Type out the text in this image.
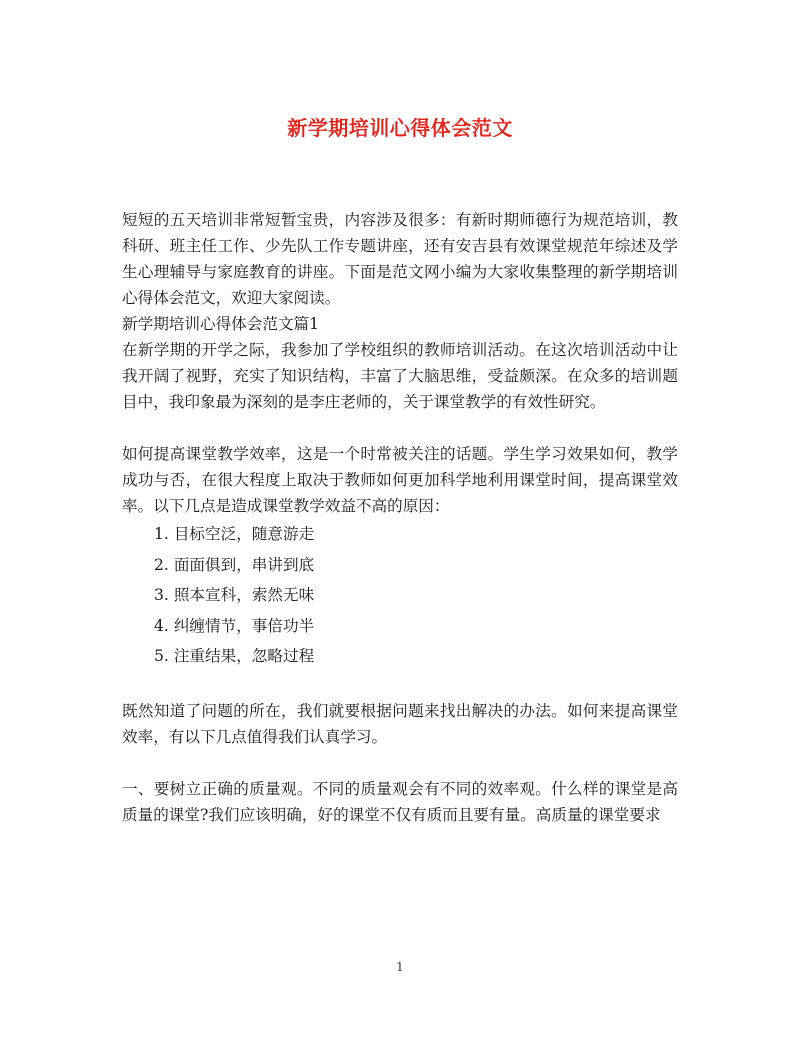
新学期培训心得体会范文

短短的五天培训非常短暂宝贵，内容涉及很多：有新时期师德行为规范培训，教科研、班主任工作、少先队工作专题讲座，还有安吉县有效课堂规范年综述及学生心理辅导与家庭教育的讲座。下面是范文网小编为大家收集整理的新学期培训心得体会范文，欢迎大家阅读。

新学期培训心得体会范文篇1

在新学期的开学之际，我参加了学校组织的教师培训活动。在这次培训活动中让我开阔了视野，充实了知识结构，丰富了大脑思维，受益颇深。在众多的培训题目中，我印象最为深刻的是李庄老师的，关于课堂教学的有效性研究。

如何提高课堂教学效率，这是一个时常被关注的话题。学生学习效果如何，教学成功与否，在很大程度上取决于教师如何更加科学地利用课堂时间，提高课堂效率。以下几点是造成课堂教学效益不高的原因：

1. 目标空泛，随意游走
2. 面面俱到，串讲到底
3. 照本宣科，索然无味
4. 纠缠情节，事倍功半
5. 注重结果，忽略过程

既然知道了问题的所在，我们就要根据问题来找出解决的办法。如何来提高课堂效率，有以下几点值得我们认真学习。

一、要树立正确的质量观。不同的质量观会有不同的效率观。什么样的课堂是高质量的课堂?我们应该明确，好的课堂不仅有质而且要有量。高质量的课堂要求

1
